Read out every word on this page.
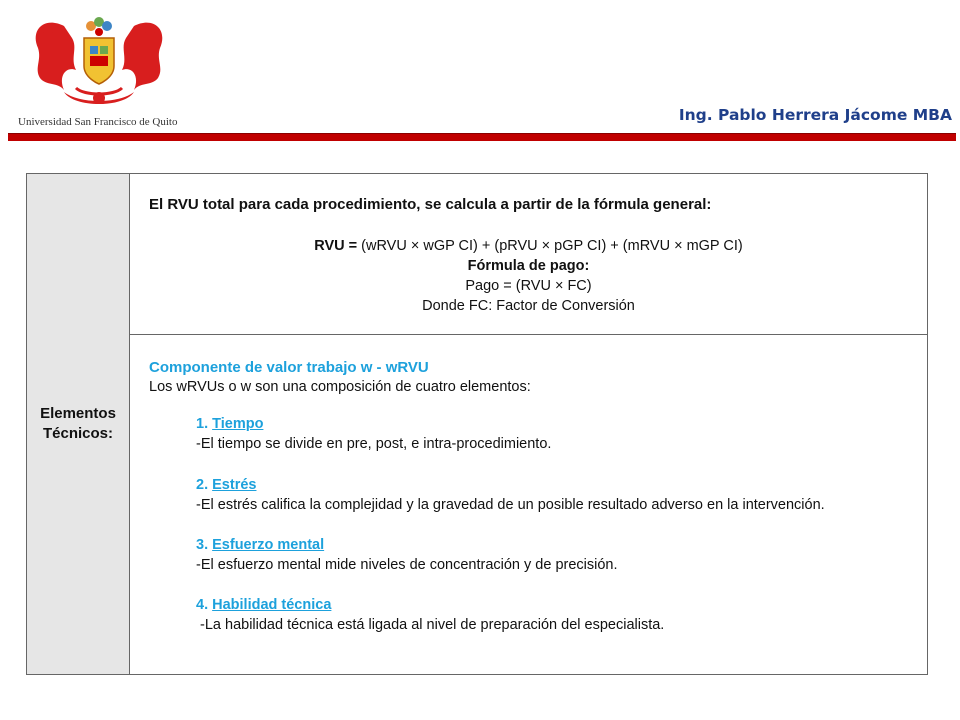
Universidad San Francisco de Quito	Ing. Pablo Herrera Jácome MBA
Elementos
Técnicos:
El RVU total para cada procedimiento, se calcula a partir de la fórmula general:
RVU = (wRVU × wGP CI) + (pRVU × pGP CI) + (mRVU × mGP CI)
Fórmula de pago:
Pago = (RVU × FC)
Donde FC: Factor de Conversión
Componente de valor trabajo w - wRVU
Los wRVUs o w son una composición de cuatro elementos:
1. Tiempo
-El tiempo se divide en pre, post, e intra-procedimiento.
2. Estrés
-El estrés califica la complejidad y la gravedad de un posible resultado adverso en la intervención.
3. Esfuerzo mental
-El esfuerzo mental mide niveles de concentración y de precisión.
4. Habilidad técnica
-La habilidad técnica está ligada al nivel de preparación del especialista.
